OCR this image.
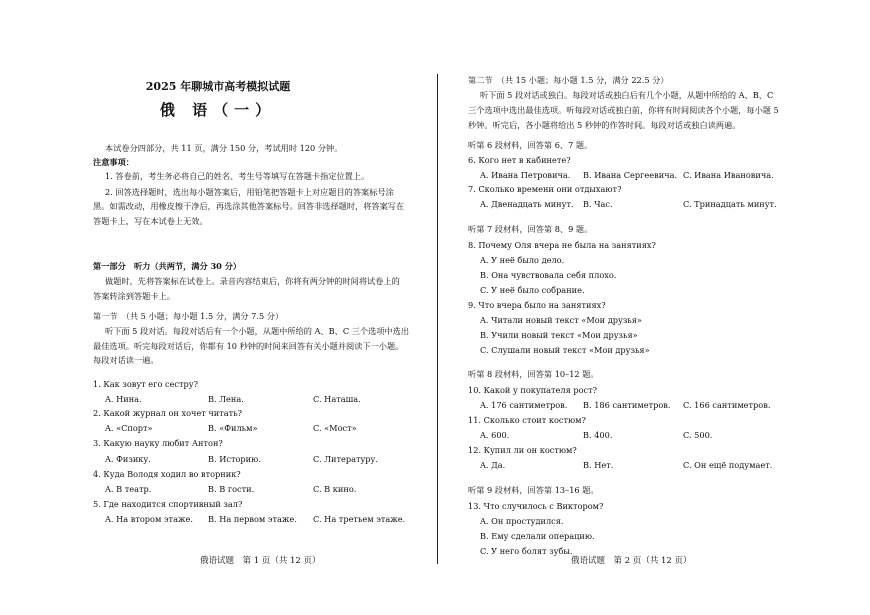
2025 年聊城市高考模拟试题
俄 语（一）
本试卷分四部分，共 11 页，满分 150 分，考试用时 120 分钟。
注意事项：
1. 答卷前，考生务必将自己的姓名、考生号等填写在答题卡指定位置上。
2. 回答选择题时，选出每小题答案后，用铅笔把答题卡上对应题目的答案标号涂
黑。如需改动，用橡皮擦干净后，再选涂其他答案标号。回答非选择题时，将答案写在
答题卡上，写在本试卷上无效。
第一部分　听力（共两节，满分 30 分）
做题时，先将答案标在试卷上。录音内容结束后，你将有两分钟的时间将试卷上的
答案转涂到答题卡上。
第一节　（共 5 小题；每小题 1.5 分，满分 7.5 分）
听下面 5 段对话。每段对话后有一个小题，从题中所给的 A、B、C 三个选项中选出
最佳选项。听完每段对话后，你都有 10 秒钟的时间来回答有关小题并阅读下一小题。
每段对话读一遍。
1. Как зовут его сестру?
A. Нина.	B. Лена.	C. Наташа.
2. Какой журнал он хочет читать?
A. «Спорт»	B. «Фильм»	C. «Мост»
3. Какую науку любит Антон?
A. Физику.	B. Историю.	C. Литературу.
4. Куда Володя ходил во вторник?
A. В театр.	B. В гости.	C. В кино.
5. Где находится спортивный зал?
A. На втором этаже. B. На первом этаже. C. На третьем этаже.
俄语试题　第 1 页（共 12 页）
第二节　（共 15 小题；每小题 1.5 分，满分 22.5 分）
听下面 5 段对话或独白。每段对话或独白后有几个小题，从题中所给的 A、B、C
三个选项中选出最佳选项。听每段对话或独白前，你将有时间阅读各个小题，每小题 5
秒钟。听完后，各小题将给出 5 秒钟的作答时间。每段对话或独白读两遍。
听第 6 段材料，回答第 6、7 题。
6. Кого нет в кабинете?
A. Ивана Петровича. B. Ивана Сергеевича. C. Ивана Ивановича.
7. Сколько времени они отдыхают?
A. Двенадцать минут. B. Час.	C. Тринадцать минут.
听第 7 段材料，回答第 8、9 题。
8. Почему Оля вчера не была на занятиях?
A. У неё было дело.
B. Она чувствовала себя плохо.
C. У неё было собрание.
9. Что вчера было на занятиях?
A. Читали новый текст «Мои друзья»
B. Учили новый текст «Мои друзья»
C. Слушали новый текст «Мои друзья»
听第 8 段材料，回答第 10–12 题。
10. Какой у покупателя рост?
A. 176 сантиметров. B. 186 сантиметров. C. 166 сантиметров.
11. Сколько стоит костюм?
A. 600.	B. 400.	C. 500.
12. Купил ли он костюм?
A. Да.	B. Нет.	C. Он ещё подумает.
听第 9 段材料，回答第 13–16 题。
13. Что случилось с Виктором?
A. Он простудился.
B. Ему сделали операцию.
C. У него болят зубы.
俄语试题　第 2 页（共 12 页）
